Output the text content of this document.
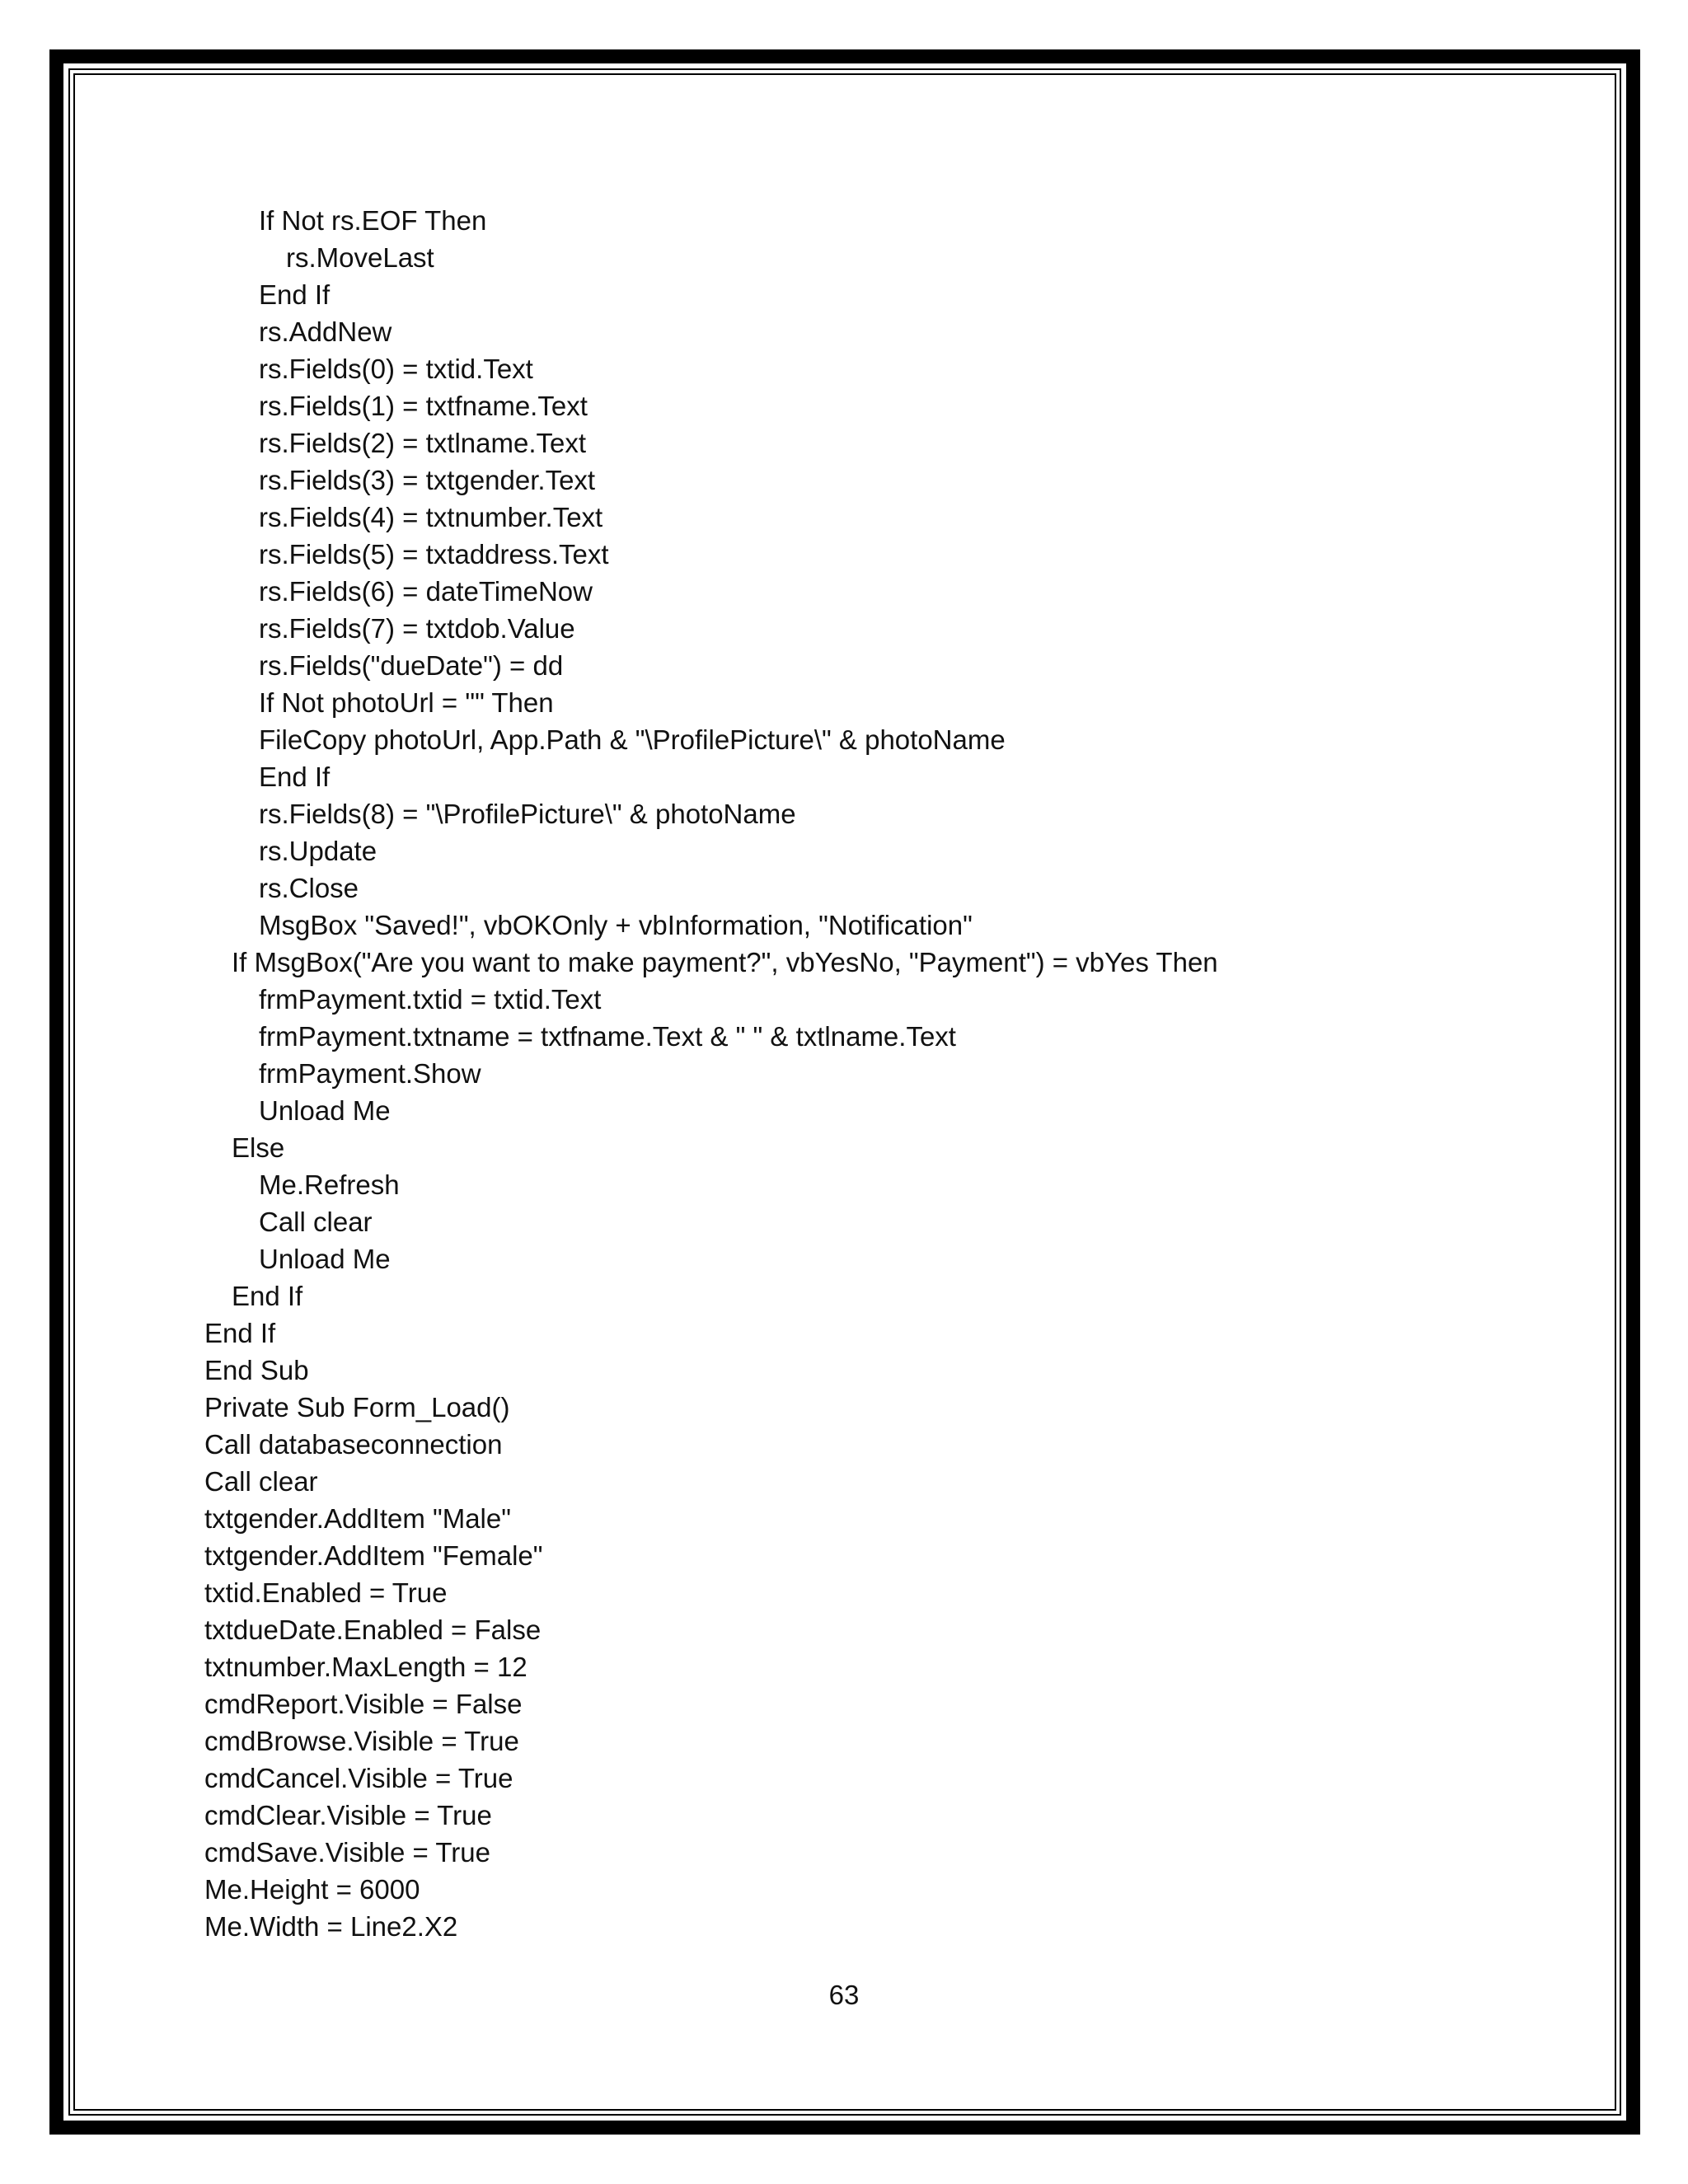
If Not rs.EOF Then
rs.MoveLast
End If
rs.AddNew
rs.Fields(0) = txtid.Text
rs.Fields(1) = txtfname.Text
rs.Fields(2) = txtlname.Text
rs.Fields(3) = txtgender.Text
rs.Fields(4) = txtnumber.Text
rs.Fields(5) = txtaddress.Text
rs.Fields(6) = dateTimeNow
rs.Fields(7) = txtdob.Value
rs.Fields("dueDate") = dd
If Not photoUrl = "" Then
FileCopy photoUrl, App.Path & "\ProfilePicture\" & photoName
End If
rs.Fields(8) = "\ProfilePicture\" & photoName
rs.Update
rs.Close
MsgBox "Saved!", vbOKOnly + vbInformation, "Notification"
If MsgBox("Are you want to make payment?", vbYesNo, "Payment") = vbYes Then
frmPayment.txtid = txtid.Text
frmPayment.txtname = txtfname.Text & " " & txtlname.Text
frmPayment.Show
Unload Me
Else
Me.Refresh
Call clear
Unload Me
End If
End If
End Sub
Private Sub Form_Load()
Call databaseconnection
Call clear
txtgender.AddItem "Male"
txtgender.AddItem "Female"
txtid.Enabled = True
txtdueDate.Enabled = False
txtnumber.MaxLength = 12
cmdReport.Visible = False
cmdBrowse.Visible = True
cmdCancel.Visible = True
cmdClear.Visible = True
cmdSave.Visible = True
Me.Height = 6000
Me.Width = Line2.X2
63
